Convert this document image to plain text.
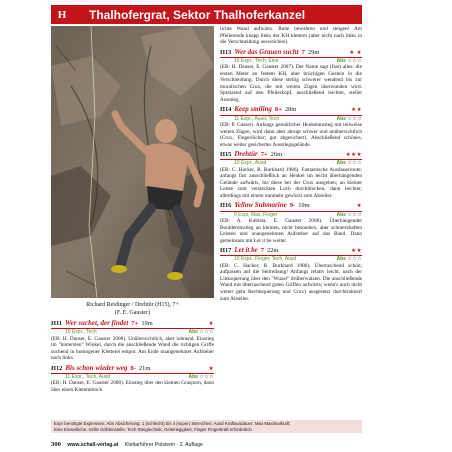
H	Thalhofergrat, Sektor Thalhoferkanzel
Richard Reidinger / Drehtür (H15), 7+
(F. E. Gauster)
H11 Wer suchet, der findet 7+ 19m	★
10 Expr., Tech	Abs ☆☆☆

(EB: H. Dauser, E. Gauster 2008). Unübersichtlich, aber lohnend. Einstieg im "hintersten" Winkel, durch die anschließende Wand die richtigen Griffe suchend in homogener Kletterei empor. Am Ende unangenehmer Aufsteher nach links.

H12 Bis schon wieder weg 8- 21m	★
11 Expr., Tech, Ausd	Abs ☆☆☆

(EB: H. Dauser, E. Gauster 2008). Einstieg über den kleinen Grasporn, dann über einen Klemmblock

lichte Wand aufwärts. Ruhe bewahren und steigen! Am Pfeilerende knapp links der KH klettern (aber nicht nach links in die Verschneidung ausweichen).

H13 Wer das Grauen sucht 7 29m	★ ★
16 Expr., Tech, Eine	Abs ☆☆☆

(EB: H. Dauser, E. Gauster 2007). Der Name sagt (fast) alles: die ersten Meter an festem KH, aber brüchigen Gestein in die Verschneidung. Durch diese steilig schwerer wendend bis zur moralischen Crux, die mit weiten Zügen überwunden wird. Spreizend auf den Pfeilerkopf, anschließend leichter, steiler Ausstieg.

H14 Keep smiling 8+ 28m	★★
11 Expr., Ausd, Tech	Abs ☆☆☆

(EB: P. Gasser). Anfangs gemütlicher Henkelanstieg mit teilweise weiten Zügen, wird dann aber abrupt schwer und unübersichtlich (Crux, Fingerlöcher; gut abgesichert). Abschließend schönes, etwas weiter gesichertes Ausstiegsgelände.

H15 Drehtür 7+ 26m	★★★
10 Expr., Ausd	Abs ☆☆☆

(EB: C. Hacker, R. Burkhard 1986). Fantastische Ausdauerroute; anfangs fast ausschließlich an Henkel im leicht überhängenden Gelände aufwärts, bis diese bei der Crux ausgehen; an kleiner Leiste zum versteckten Loch durchblocken, dann leichter, allerdings mit einem nunmehr gewürzt zum Abseiler.

H16 Yellow Submarine 9- 19m	★
9 Expr, Max, Finger	Abs ☆☆☆

(EB: A. Kubista, E. Gauster 2008). Überhängender Bouldereinstieg an kleinen, nicht besonders, aber schmerzhaften Leisten und unangenehmen Aufsteher auf das Band. Dann gemeinsam mit Let it be weiter.

H17 Let it be 7 22m	★★
10 Expr., Finger, Tech, Ausd	Abs ☆☆☆

(EB: C. Hacker, R. Burkhard 1986). Überraschend schön; aufpassen auf die Seilreibung! Anfangs relativ leicht, nach der Linksquerung über den "Wuzel" drüberwalzen. Die anschließende Wand mit überraschend guten Griffen aufwärts; wenn's auch nicht weiter geht Rechtsquerung und Crux) ausgesetzt durchtrainiert zum Abseiler.

Expr benötigte Expressen; Abs Absicherung: 1 (schlecht) bis 4 (super) Sternchen; Ausd Kraftausdauer; Max Maximalkraft;
Eine Einseitliche, Grille Grifdenstelle, Tech Steigtechnik, Geleinkgigkeit, Finger Fingerkraft erforderlich
300 www.schall-verlag.at Klettarführer Polsterin · 2. Auflage
